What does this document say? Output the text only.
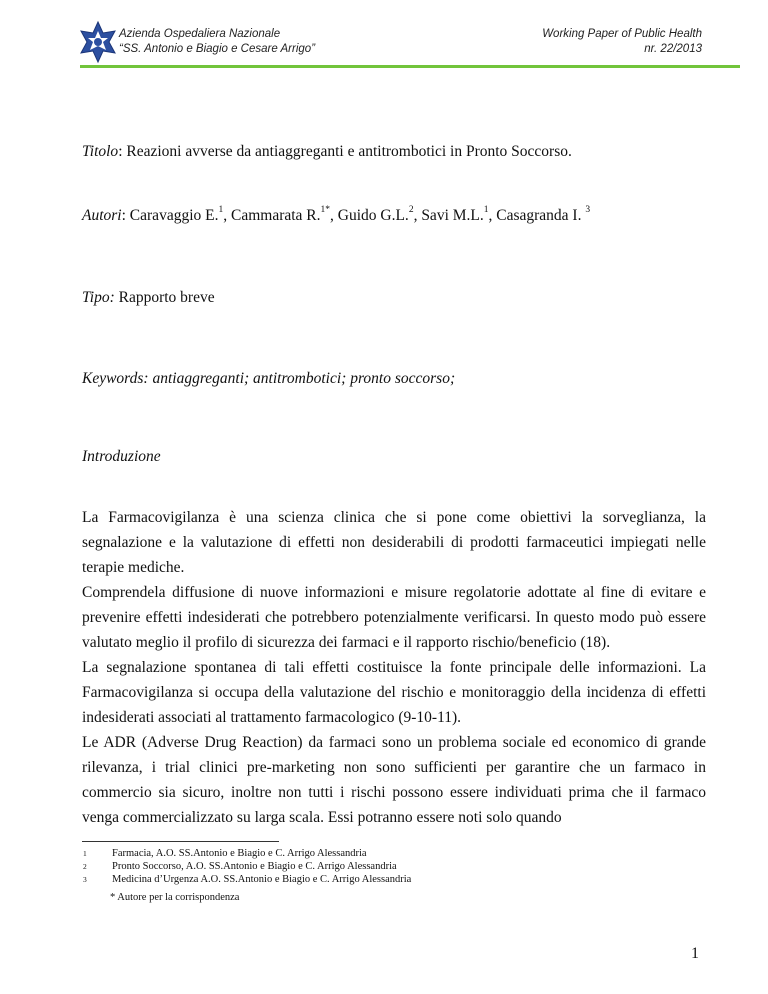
Azienda Ospedaliera Nazionale
“SS. Antonio e Biagio e Cesare Arrigo”
Working Paper of Public Health
nr. 22/2013
Titolo: Reazioni avverse da antiaggreganti e antitrombotici in Pronto Soccorso.
Autori: Caravaggio E.$^1$, Cammarata R.$^{1*}$, Guido G.L.$^2$, Savi M.L.$^1$, Casagranda I. $^3$
Tipo: Rapporto breve
Keywords: antiaggreganti; antitrombotici; pronto soccorso;
Introduzione

La Farmacovigilanza è una scienza clinica che si pone come obiettivi la sorveglianza, la segnalazione e la valutazione di effetti non desiderabili di prodotti farmaceutici impiegati nelle terapie mediche.

Comprendela diffusione di nuove informazioni e misure regolatorie adottate al fine di evitare e prevenire effetti indesiderati che potrebbero potenzialmente verificarsi. In questo modo può essere valutato meglio il profilo di sicurezza dei farmaci e il rapporto rischio/beneficio (18).

La segnalazione spontanea di tali effetti costituisce la fonte principale delle informazioni. La Farmacovigilanza si occupa della valutazione del rischio e monitoraggio della incidenza di effetti indesiderati associati al trattamento farmacologico (9-10-11).

Le ADR (Adverse Drug Reaction) da farmaci sono un problema sociale ed economico di grande rilevanza, i trial clinici pre-marketing non sono sufficienti per garantire che un farmaco in commercio sia sicuro, inoltre non tutti i rischi possono essere individuati prima che il farmaco venga commercializzato su larga scala. Essi potranno essere noti solo quando

1 Farmacia, A.O. SS.Antonio e Biagio e C. Arrigo Alessandria
2 Pronto Soccorso, A.O. SS.Antonio e Biagio e C. Arrigo Alessandria
3 Medicina d’Urgenza A.O. SS.Antonio e Biagio e C. Arrigo Alessandria
* Autore per la corrispondenza
1
